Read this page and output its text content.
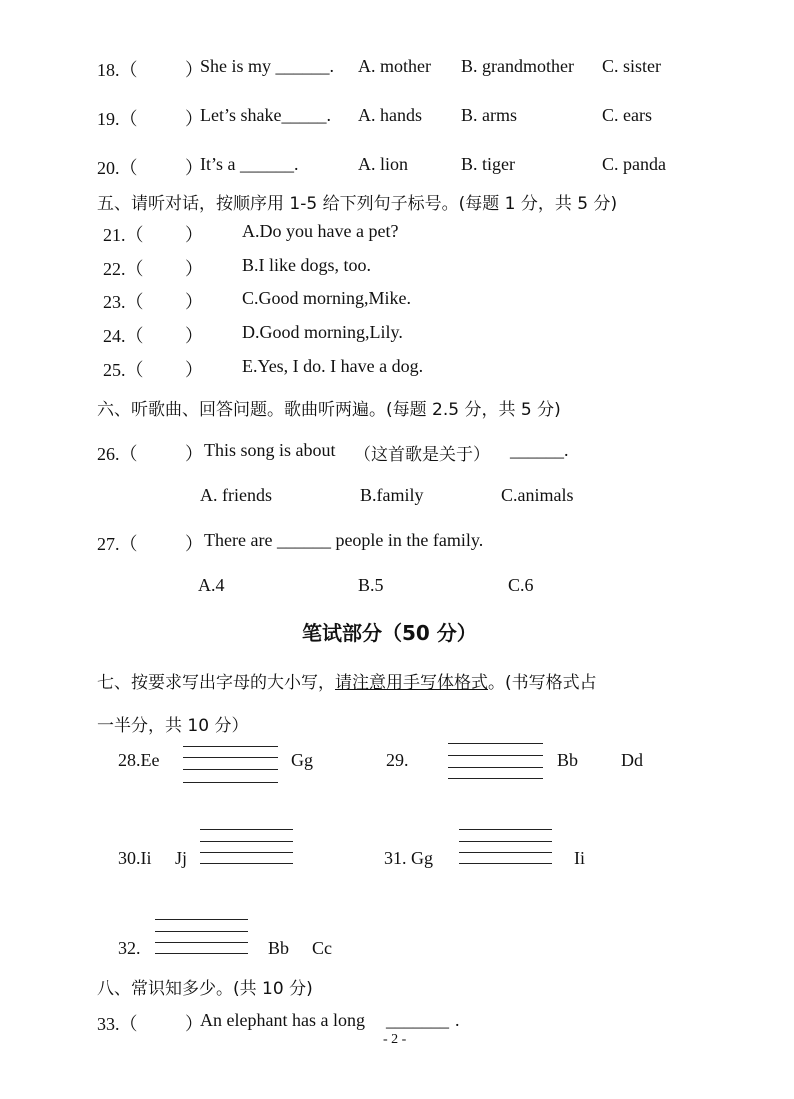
18.（	）
She is my ______. A. mother B. grandmother C. sister
19.（	）
Let’s shake_____. A. hands B. arms	C. ears
20.（	）
It’s a ______.	A. lion	B. tiger	C. panda
五、请听对话，按顺序用 1-5 给下列句子标号。(每题 1 分，共 5 分)
21.（ ） A.Do you have a pet?
22.（ ） B.I like dogs, too.
23.（ ） C.Good morning,Mike.
24.（ ） D.Good morning,Lily.
25.（ ） E.Yes, I do. I have a dog.
六、听歌曲、回答问题。歌曲听两遍。(每题 2.5 分，共 5 分)
26.（	） This song is about （这首歌是关于） ______.
A. friends	B.family	C.animals
27.（	） There are ______ people in the family.
A.4	B.5	C.6
笔试部分（50 分）
七、按要求写出字母的大小写，请注意用手写体格式。(书写格式占
一半分，共 10 分）
28.Ee	Gg	29.	Bb Dd
30.Ii Jj	31. Gg	Ii
32.	Bb Cc
八、常识知多少。(共 10 分)
33.（	）
An elephant has a long _______ .
- 2 -
